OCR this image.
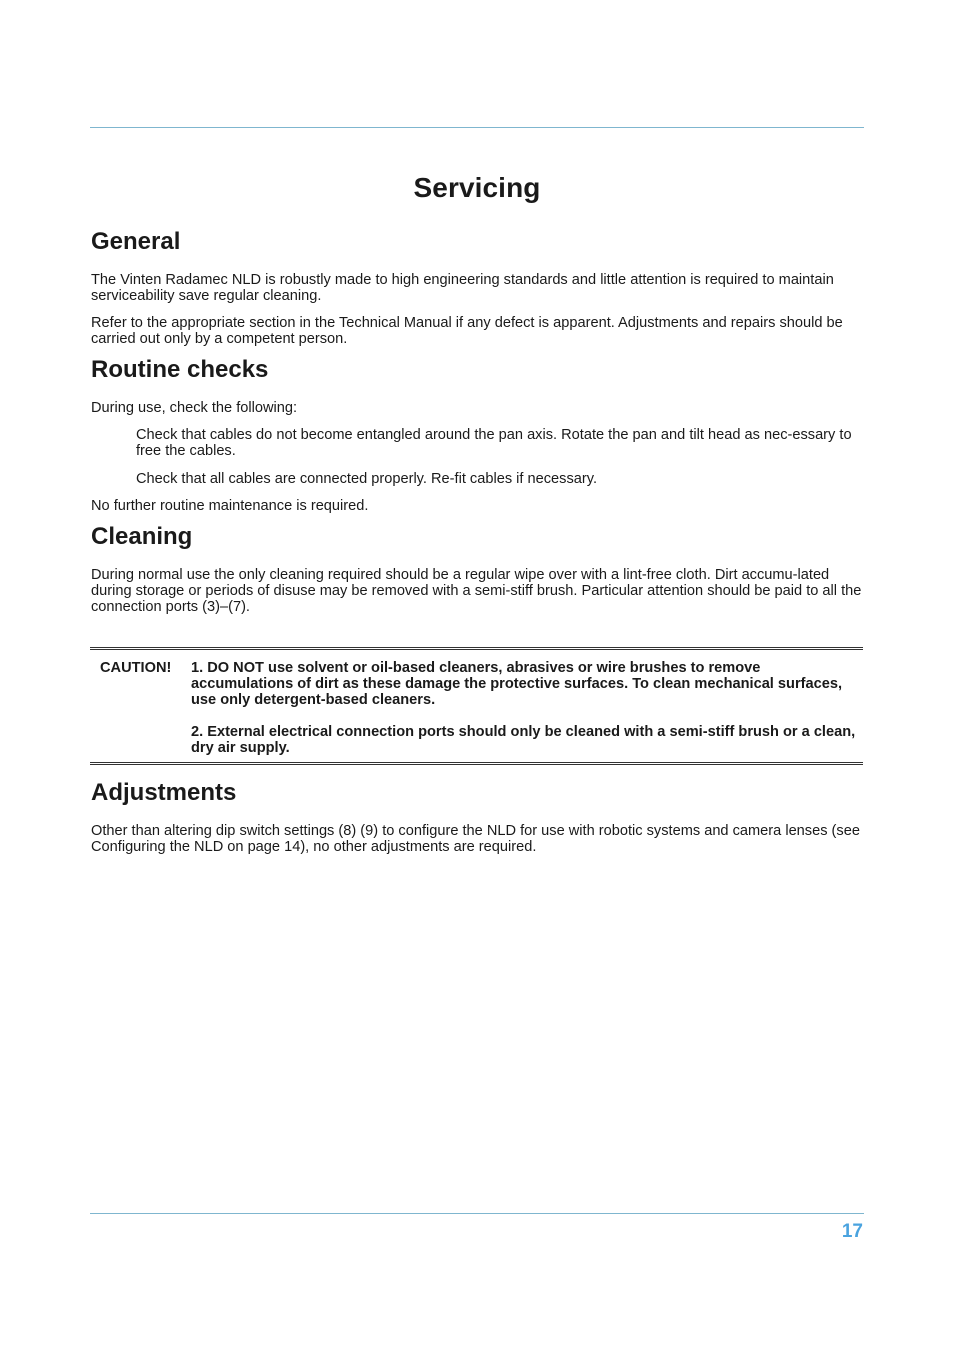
Servicing
General

The Vinten Radamec NLD is robustly made to high engineering standards and little attention is required to maintain serviceability save regular cleaning.

Refer to the appropriate section in the Technical Manual if any defect is apparent. Adjustments and repairs should be carried out only by a competent person.

Routine checks

During use, check the following:

Check that cables do not become entangled around the pan axis. Rotate the pan and tilt head as nec-essary to free the cables.

Check that all cables are connected properly. Re-fit cables if necessary.

No further routine maintenance is required.

Cleaning

During normal use the only cleaning required should be a regular wipe over with a lint-free cloth. Dirt accumu-lated during storage or periods of disuse may be removed with a semi-stiff brush. Particular attention should be paid to all the connection ports (3)–(7).

CAUTION! 1. DO NOT use solvent or oil-based cleaners, abrasives or wire brushes to remove accumulations of dirt as these damage the protective surfaces. To clean mechanical surfaces, use only detergent-based cleaners.

2. External electrical connection ports should only be cleaned with a semi-stiff brush or a clean, dry air supply.

Adjustments

Other than altering dip switch settings (8) (9) to configure the NLD for use with robotic systems and camera lenses (see Configuring the NLD on page 14), no other adjustments are required.

17
